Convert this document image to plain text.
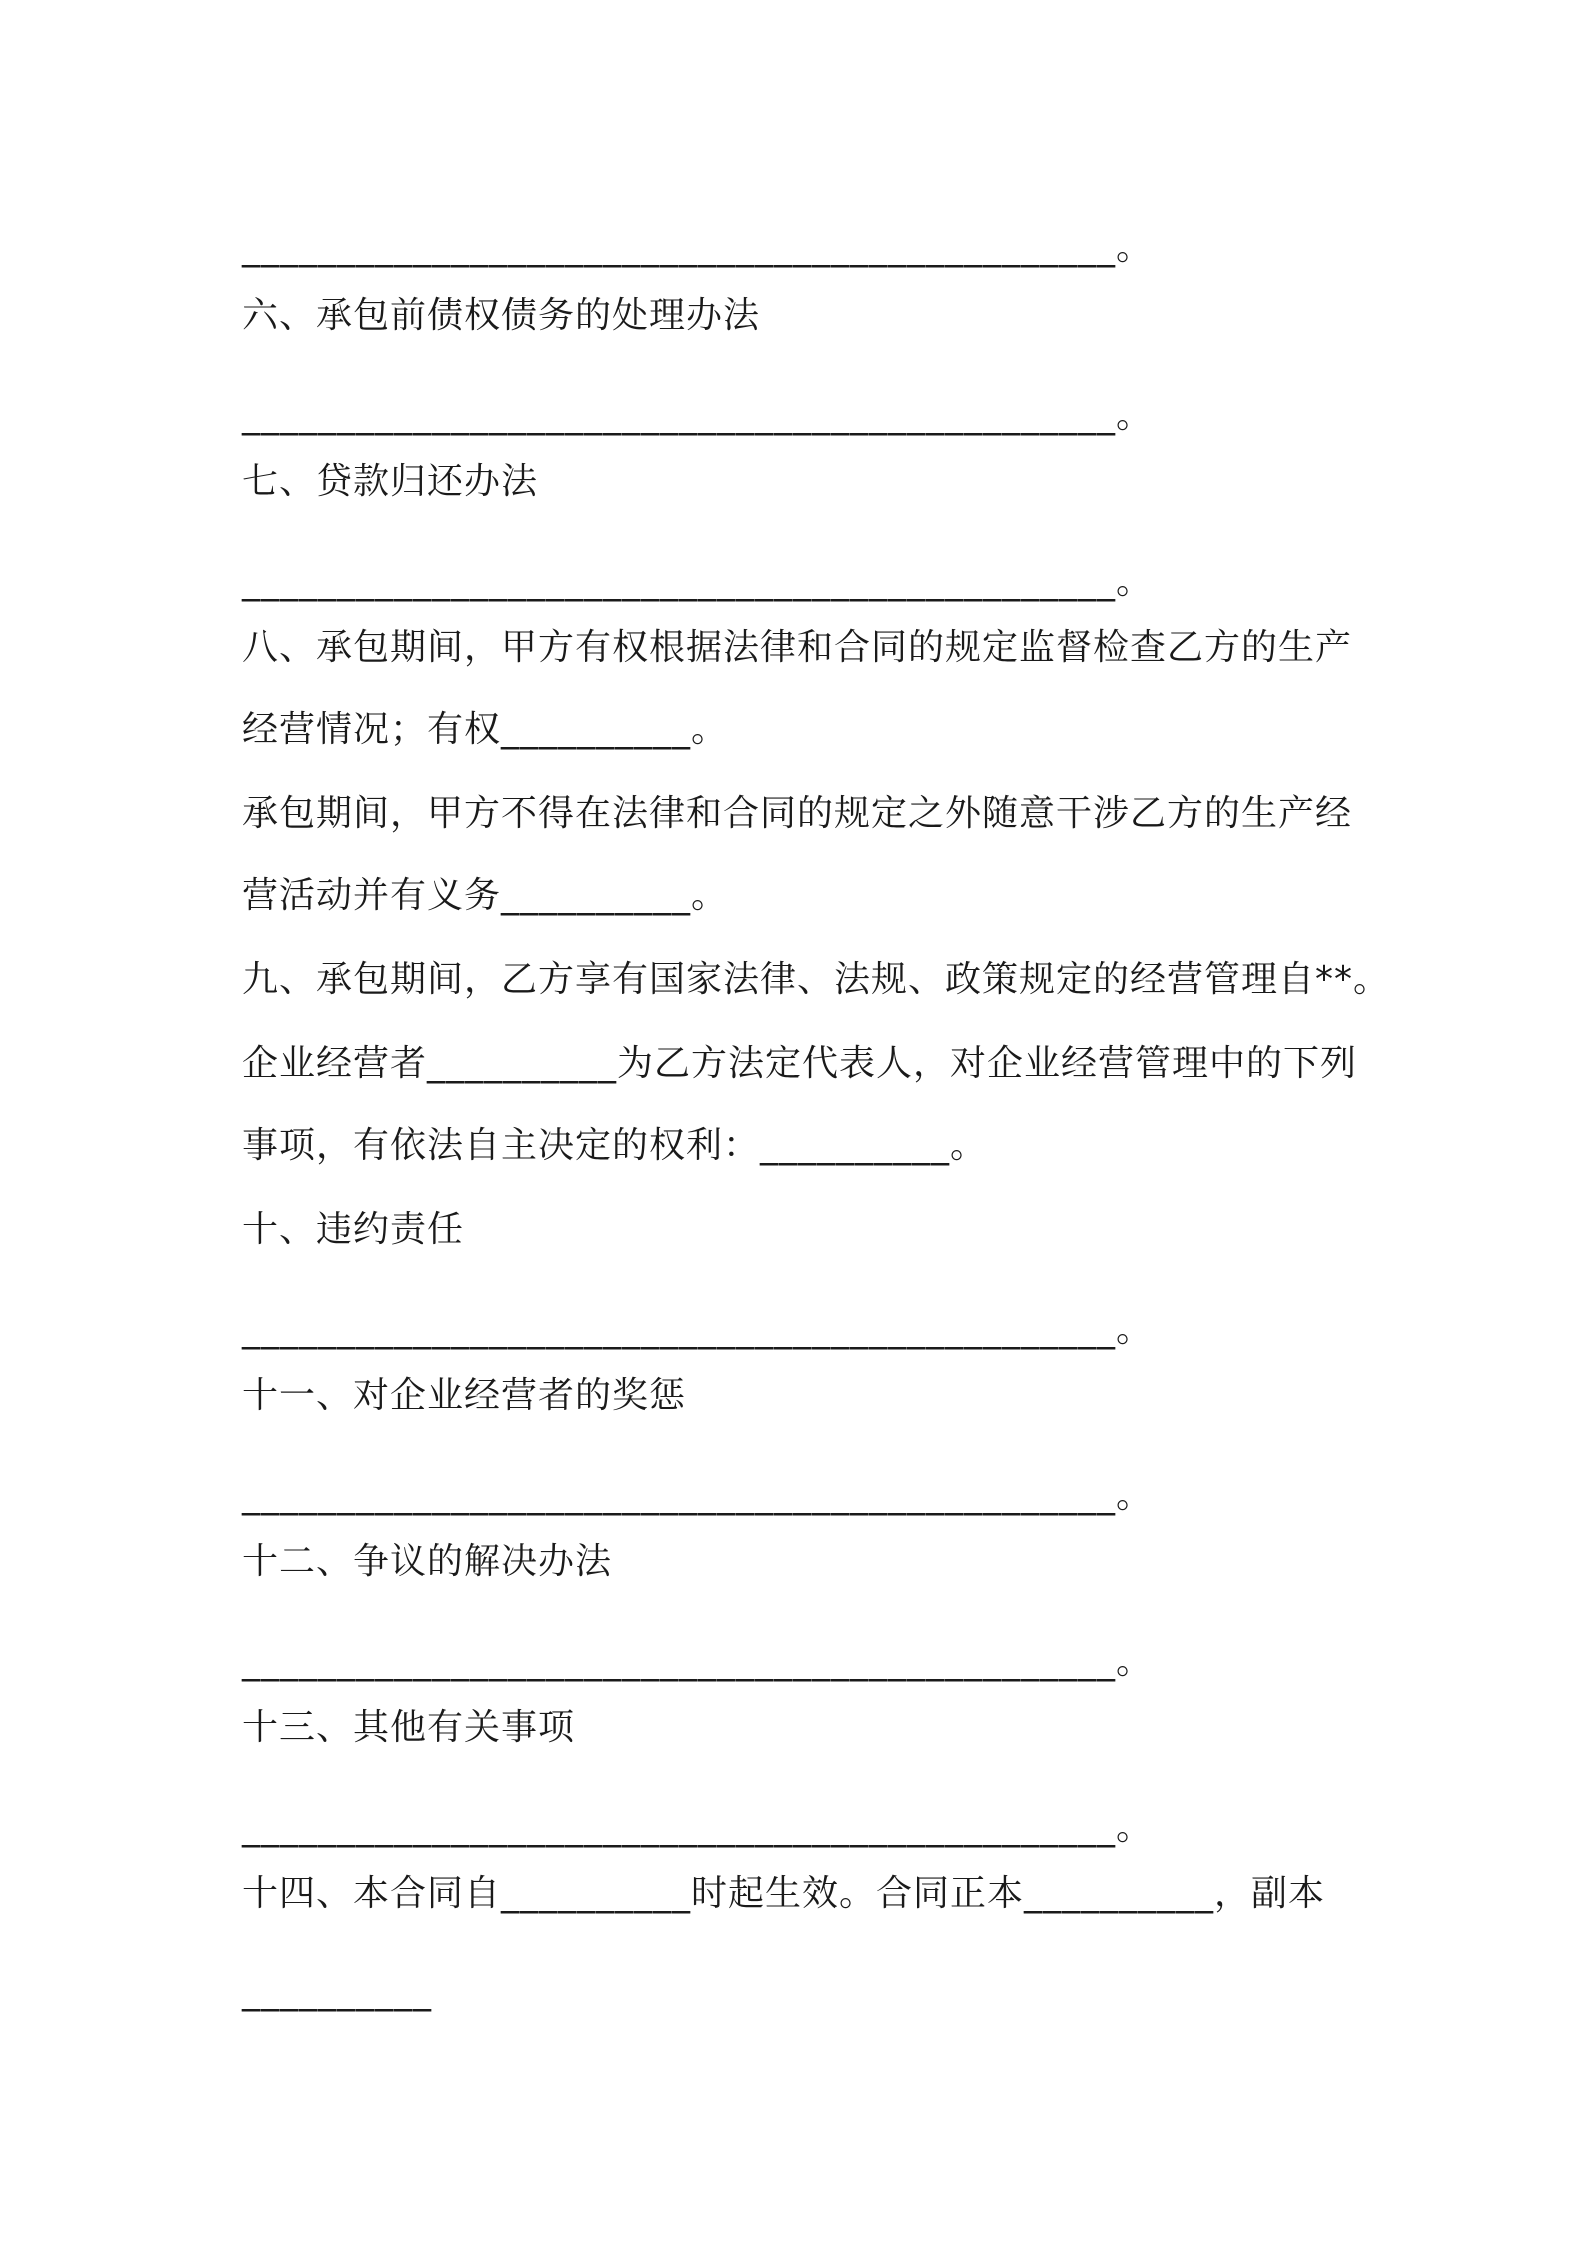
______________________________________________。
六、承包前债权债务的处理办法
______________________________________________。
七、贷款归还办法
______________________________________________。
八、承包期间，甲方有权根据法律和合同的规定监督检查乙方的生产
经营情况；有权__________。
承包期间，甲方不得在法律和合同的规定之外随意干涉乙方的生产经
营活动并有义务__________。
九、承包期间，乙方享有国家法律、法规、政策规定的经营管理自**。
企业经营者__________为乙方法定代表人，对企业经营管理中的下列
事项，有依法自主决定的权利：__________。
十、违约责任
______________________________________________。
十一、对企业经营者的奖惩
______________________________________________。
十二、争议的解决办法
______________________________________________。
十三、其他有关事项
______________________________________________。
十四、本合同自__________时起生效。合同正本__________，副本
__________
